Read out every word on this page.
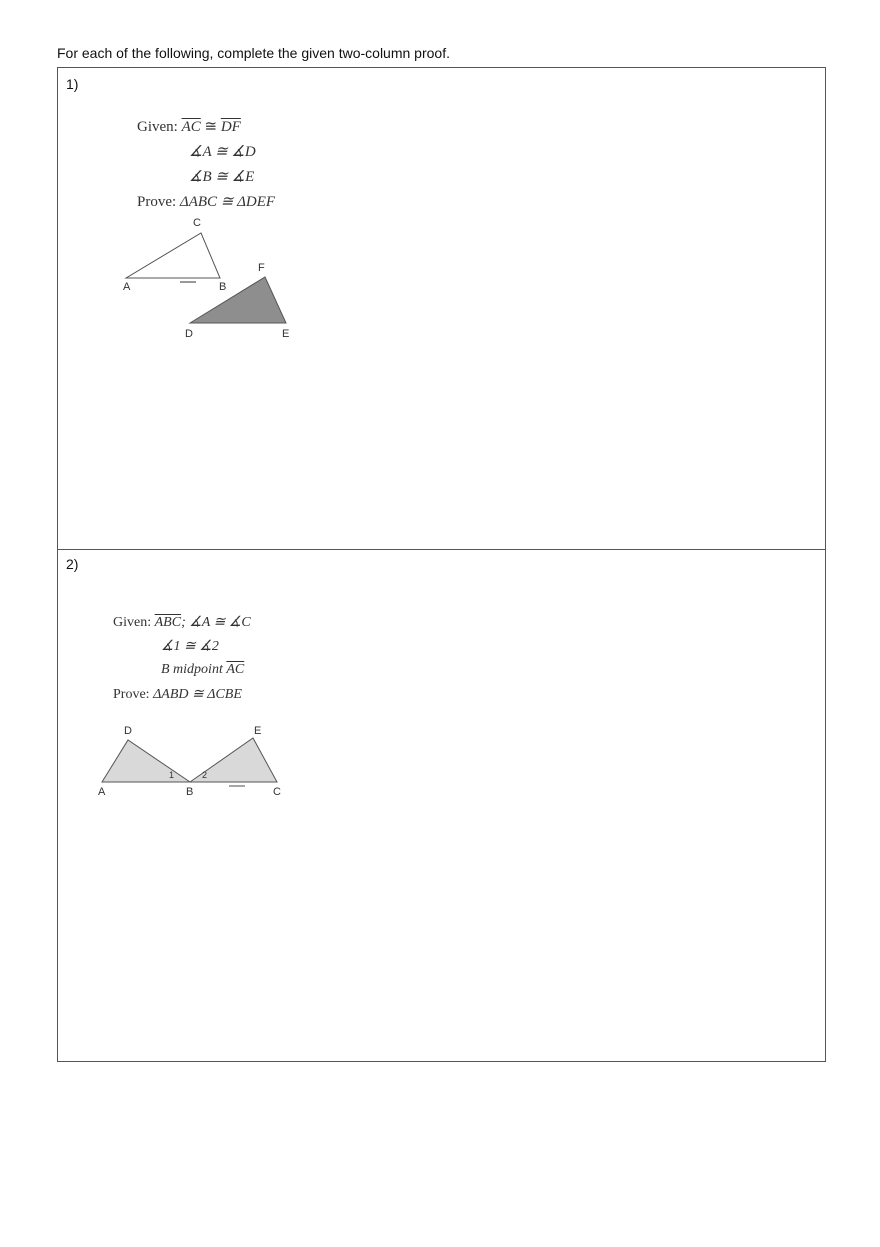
For each of the following, complete the given two-column proof.
1)
Given: $\overline{AC}$ ≅ $\overline{DF}$
∡A ≅ ∡D
∡B ≅ ∡E
Prove: ΔABC ≅ ΔDEF
C
A	B
F
D	E
2)
Given: $\overline{ABC}$; ∡A ≅ ∡C
∡1 ≅ ∡2
B midpoint $\overline{AC}$
Prove: ΔABD ≅ ΔCBE
D	E
A	B	C
1	2
